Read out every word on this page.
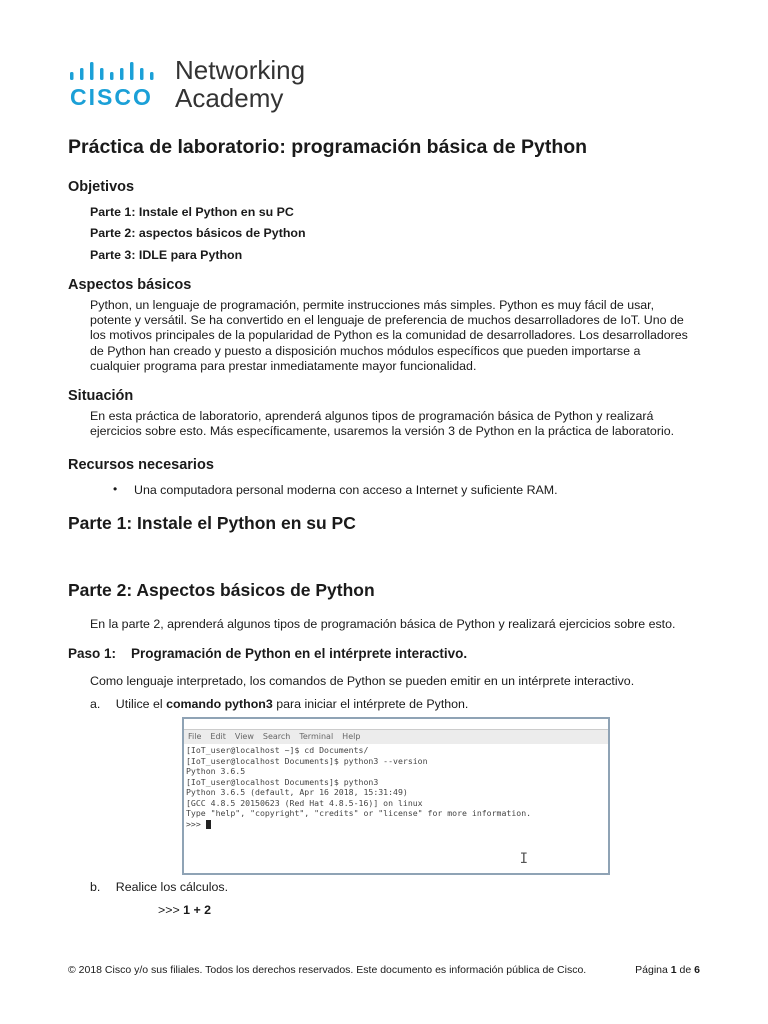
CISCO
Networking
Academy
Práctica de laboratorio: programación básica de Python
Objetivos
Parte 1: Instale el Python en su PC
Parte 2: aspectos básicos de Python
Parte 3: IDLE para Python
Aspectos básicos
Python, un lenguaje de programación, permite instrucciones más simples. Python es muy fácil de usar,
potente y versátil. Se ha convertido en el lenguaje de preferencia de muchos desarrolladores de IoT. Uno de
los motivos principales de la popularidad de Python es la comunidad de desarrolladores. Los desarrolladores
de Python han creado y puesto a disposición muchos módulos específicos que pueden importarse a
cualquier programa para prestar inmediatamente mayor funcionalidad.
Situación
En esta práctica de laboratorio, aprenderá algunos tipos de programación básica de Python y realizará
ejercicios sobre esto. Más específicamente, usaremos la versión 3 de Python en la práctica de laboratorio.
Recursos necesarios
• Una computadora personal moderna con acceso a Internet y suficiente RAM.
Parte 1: Instale el Python en su PC
Parte 2: Aspectos básicos de Python
En la parte 2, aprenderá algunos tipos de programación básica de Python y realizará ejercicios sobre esto.
Paso 1:    Programación de Python en el intérprete interactivo.
Como lenguaje interpretado, los comandos de Python se pueden emitir en un intérprete interactivo.
a. Utilice el comando python3 para iniciar el intérprete de Python.
File Edit View Search Terminal Help
[IoT_user@localhost ~]$ cd Documents/
[IoT_user@localhost Documents]$ python3 --version
Python 3.6.5
[IoT_user@localhost Documents]$ python3
Python 3.6.5 (default, Apr 16 2018, 15:31:49)
[GCC 4.8.5 20150623 (Red Hat 4.8.5-16)] on linux
Type "help", "copyright", "credits" or "license" for more information.
>>>
I
b. Realice los cálculos.
>>> 1 + 2
© 2018 Cisco y/o sus filiales. Todos los derechos reservados. Este documento es información pública de Cisco.	Página 1 de 6
